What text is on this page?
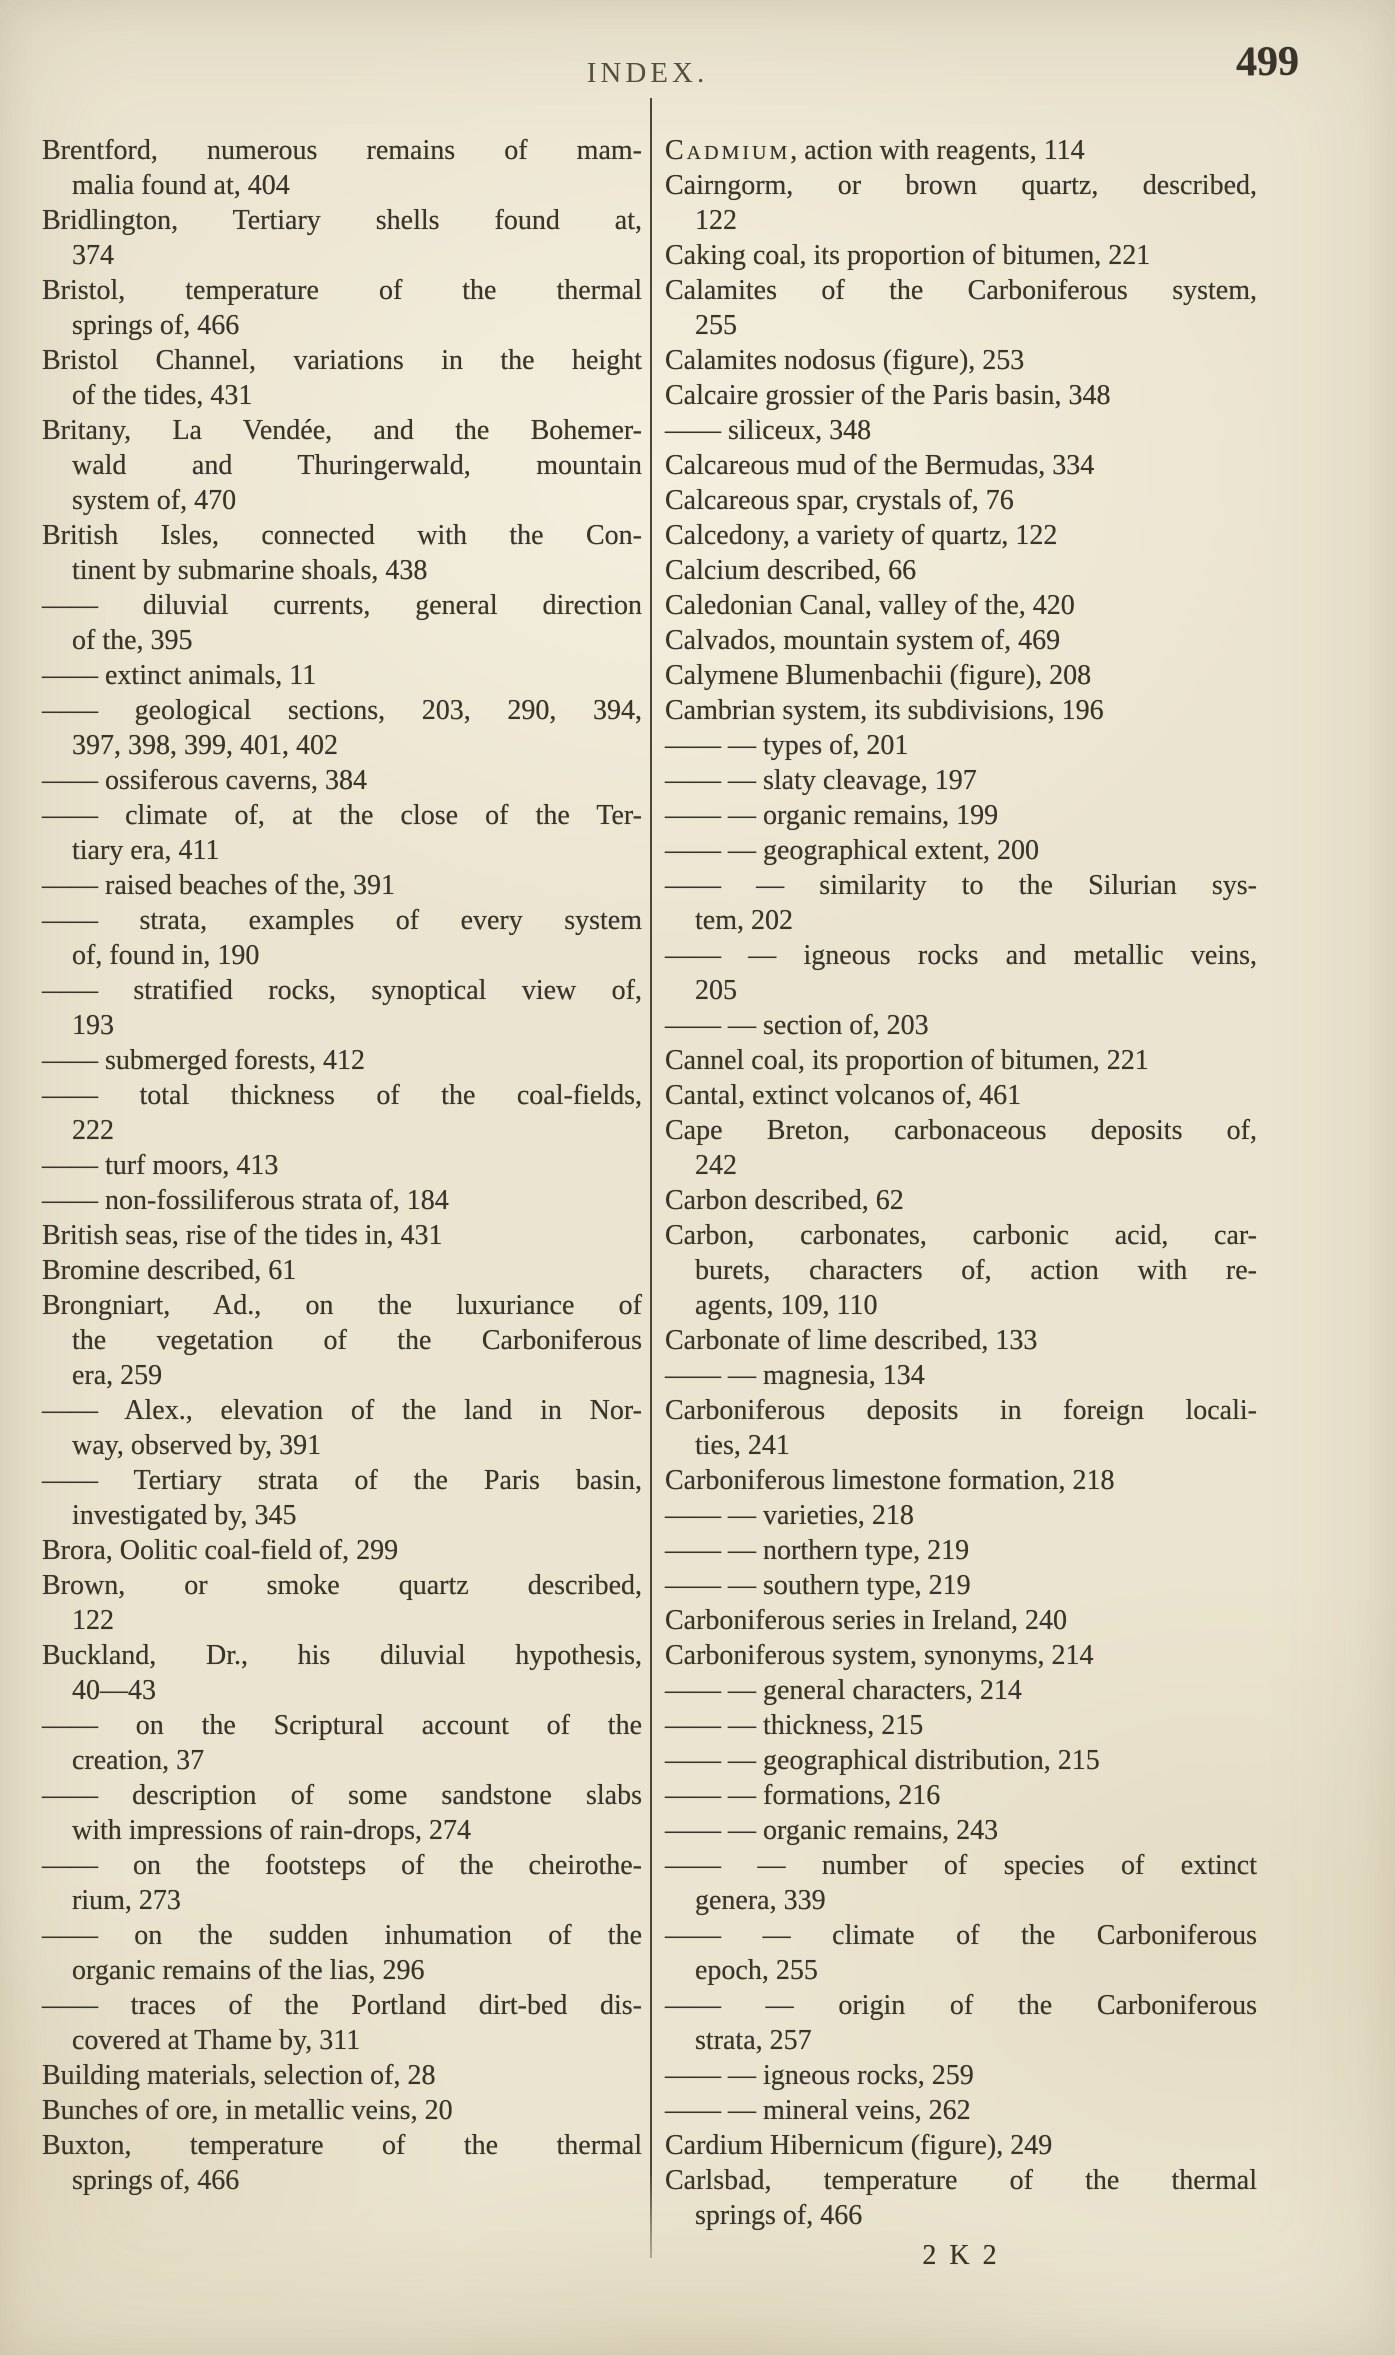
INDEX.	499
Brentford, numerous remains of mam-
malia found at, 404
Bridlington, Tertiary shells found at,
374
Bristol, temperature of the thermal
springs of, 466
Bristol Channel, variations in the height
of the tides, 431
Britany, La Vendée, and the Bohemer-
wald and Thuringerwald, mountain
system of, 470
British Isles, connected with the Con-
tinent by submarine shoals, 438
—— diluvial currents, general direction
of the, 395
—— extinct animals, 11
—— geological sections, 203, 290, 394,
397, 398, 399, 401, 402
—— ossiferous caverns, 384
—— climate of, at the close of the Ter-
tiary era, 411
—— raised beaches of the, 391
—— strata, examples of every system
of, found in, 190
—— stratified rocks, synoptical view of,
193
—— submerged forests, 412
—— total thickness of the coal-fields,
222
—— turf moors, 413
—— non-fossiliferous strata of, 184
British seas, rise of the tides in, 431
Bromine described, 61
Brongniart, Ad., on the luxuriance of
the vegetation of the Carboniferous
era, 259
—— Alex., elevation of the land in Nor-
way, observed by, 391
—— Tertiary strata of the Paris basin,
investigated by, 345
Brora, Oolitic coal-field of, 299
Brown, or smoke quartz described,
122
Buckland, Dr., his diluvial hypothesis,
40—43
—— on the Scriptural account of the
creation, 37
—— description of some sandstone slabs
with impressions of rain-drops, 274
—— on the footsteps of the cheirothe-
rium, 273
—— on the sudden inhumation of the
organic remains of the lias, 296
—— traces of the Portland dirt-bed dis-
covered at Thame by, 311
Building materials, selection of, 28
Bunches of ore, in metallic veins, 20
Buxton, temperature of the thermal
springs of, 466
Cadmium, action with reagents, 114
Cairngorm, or brown quartz, described,
122
Caking coal, its proportion of bitumen, 221
Calamites of the Carboniferous system,
255
Calamites nodosus (figure), 253
Calcaire grossier of the Paris basin, 348
—— siliceux, 348
Calcareous mud of the Bermudas, 334
Calcareous spar, crystals of, 76
Calcedony, a variety of quartz, 122
Calcium described, 66
Caledonian Canal, valley of the, 420
Calvados, mountain system of, 469
Calymene Blumenbachii (figure), 208
Cambrian system, its subdivisions, 196
—— — types of, 201
—— — slaty cleavage, 197
—— — organic remains, 199
—— — geographical extent, 200
—— — similarity to the Silurian sys-
tem, 202
—— — igneous rocks and metallic veins,
205
—— — section of, 203
Cannel coal, its proportion of bitumen, 221
Cantal, extinct volcanos of, 461
Cape Breton, carbonaceous deposits of,
242
Carbon described, 62
Carbon, carbonates, carbonic acid, car-
burets, characters of, action with re-
agents, 109, 110
Carbonate of lime described, 133
—— — magnesia, 134
Carboniferous deposits in foreign locali-
ties, 241
Carboniferous limestone formation, 218
—— — varieties, 218
—— — northern type, 219
—— — southern type, 219
Carboniferous series in Ireland, 240
Carboniferous system, synonyms, 214
—— — general characters, 214
—— — thickness, 215
—— — geographical distribution, 215
—— — formations, 216
—— — organic remains, 243
—— — number of species of extinct
genera, 339
—— — climate of the Carboniferous
epoch, 255
—— — origin of the Carboniferous
strata, 257
—— — igneous rocks, 259
—— — mineral veins, 262
Cardium Hibernicum (figure), 249
Carlsbad, temperature of the thermal
springs of, 466
2 K 2
